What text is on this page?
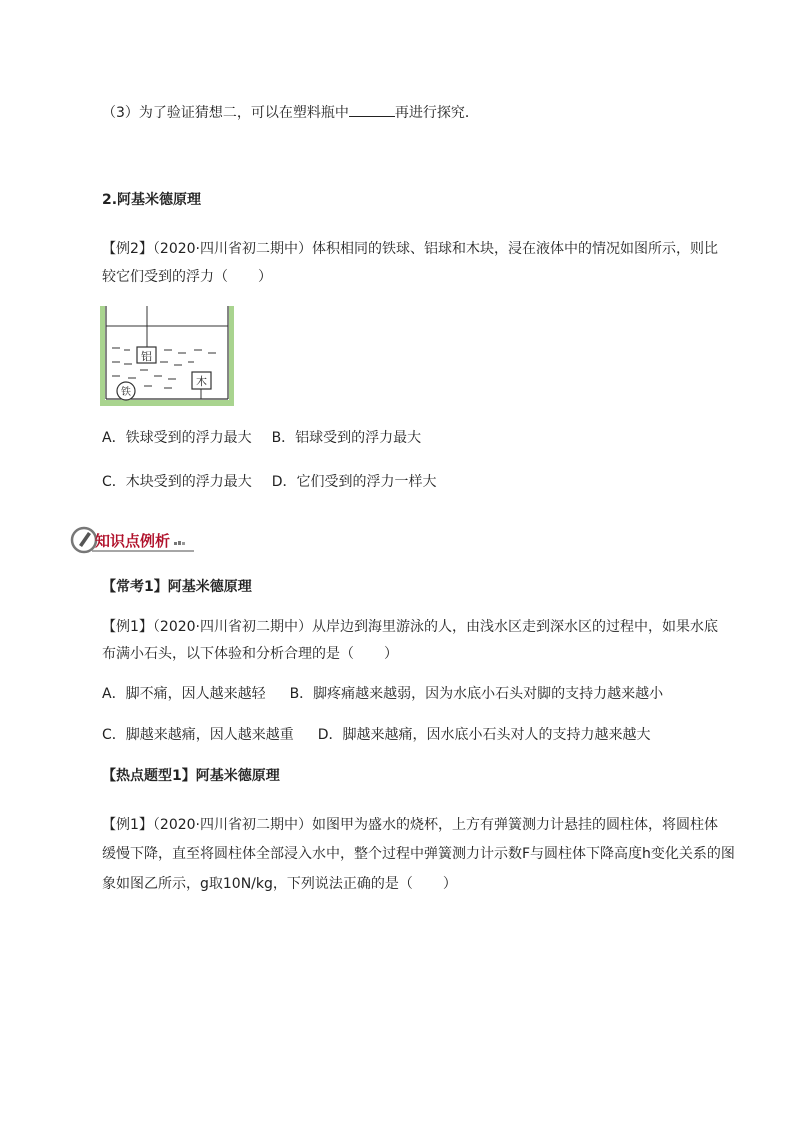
（3）为了验证猜想二，可以在塑料瓶中	再进行探究．
2.阿基米德原理
【例2】（2020·四川省初二期中）体积相同的铁球、铝球和木块，浸在液体中的情况如图所示，则比
较它们受到的浮力（ ）
铝
木
铁
A．铁球受到的浮力最大 B．铝球受到的浮力最大
C．木块受到的浮力最大 D．它们受到的浮力一样大
知识点例析
【常考1】阿基米德原理
【例1】（2020·四川省初二期中）从岸边到海里游泳的人，由浅水区走到深水区的过程中，如果水底
布满小石头，以下体验和分析合理的是（ ）
A．脚不痛，因人越来越轻 B．脚疼痛越来越弱，因为水底小石头对脚的支持力越来越小
C．脚越来越痛，因人越来越重 D．脚越来越痛，因水底小石头对人的支持力越来越大
【热点题型1】阿基米德原理
【例1】（2020·四川省初二期中）如图甲为盛水的烧杯，上方有弹簧测力计悬挂的圆柱体，将圆柱体
缓慢下降，直至将圆柱体全部浸入水中，整个过程中弹簧测力计示数F与圆柱体下降高度h变化关系的图
象如图乙所示，g取10N/kg，下列说法正确的是（ ）
